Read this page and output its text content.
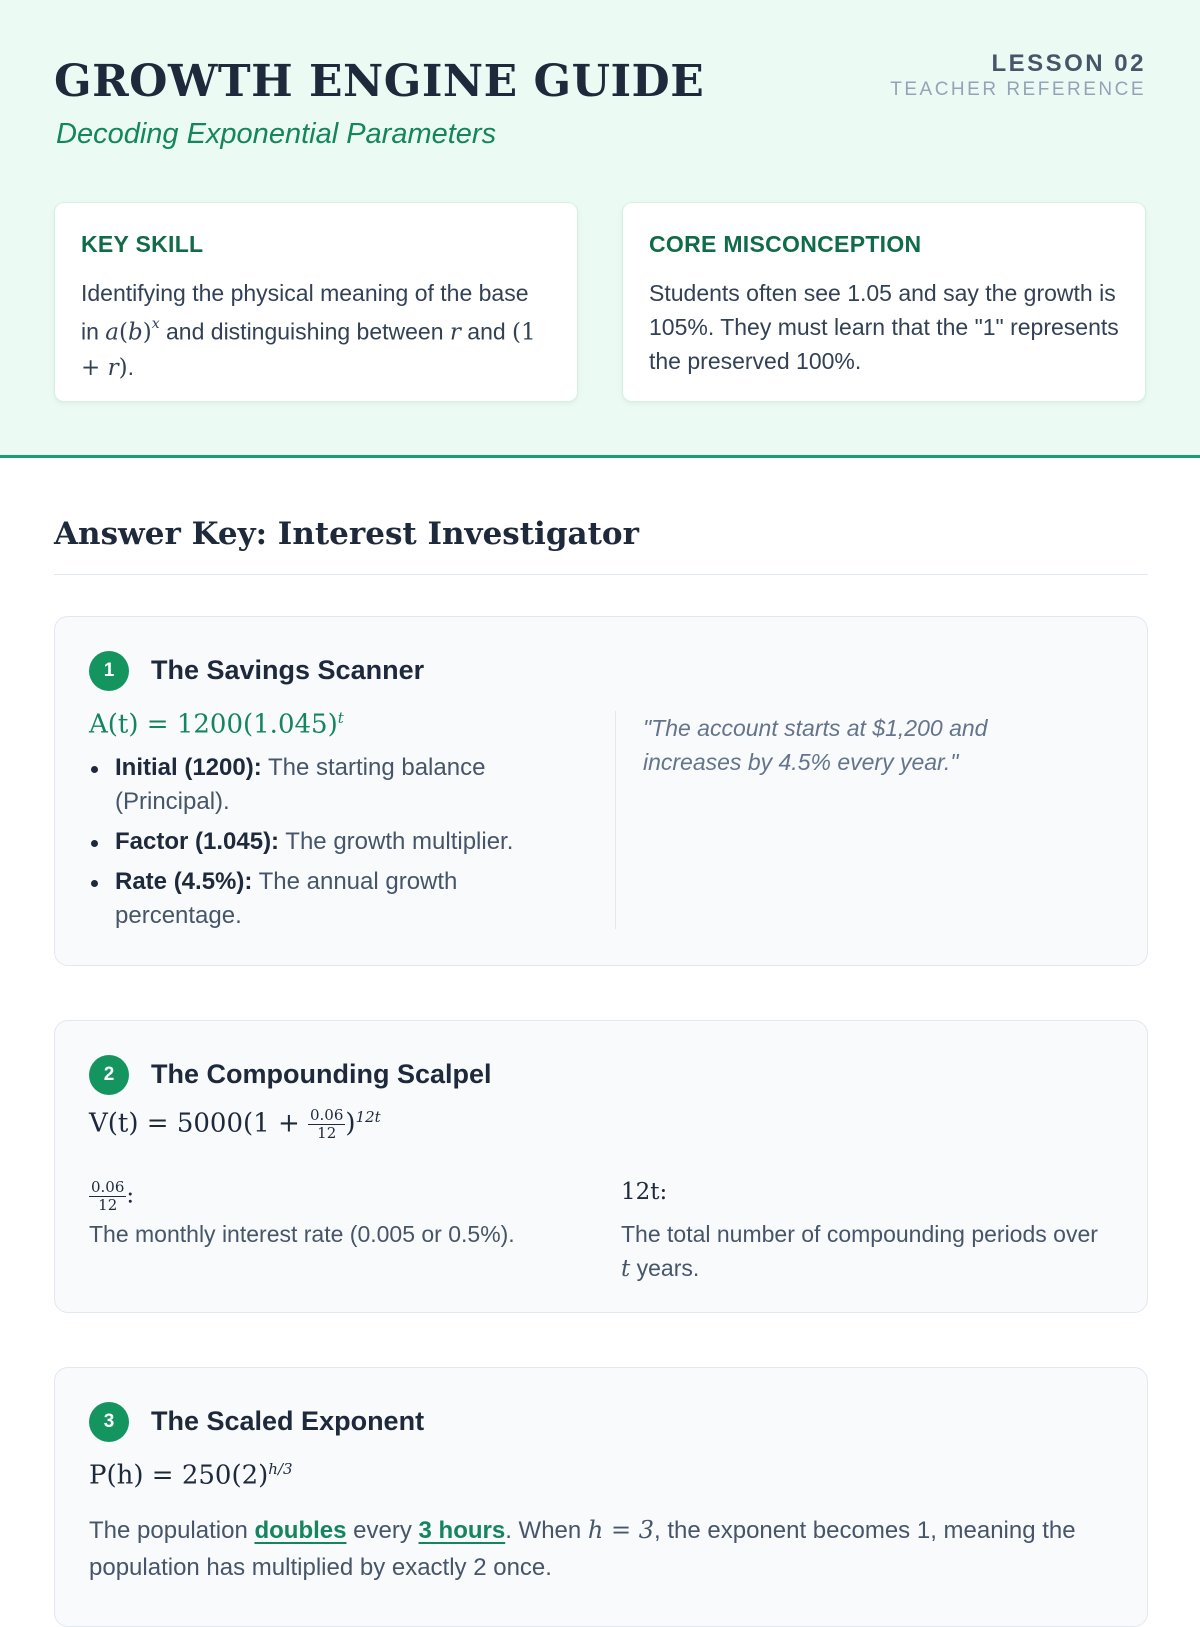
GROWTH ENGINE GUIDE
Decoding Exponential Parameters
LESSON 02
TEACHER REFERENCE
KEY SKILL
Identifying the physical meaning of the base in $a(b)^x$ and distinguishing between r and (1 + r).
CORE MISCONCEPTION
Students often see 1.05 and say the growth is 105%. They must learn that the "1" represents the preserved 100%.
Answer Key: Interest Investigator
1	The Savings Scanner
$A(t) = 1200(1.045)^t$
Initial (1200): The starting balance (Principal).
Factor (1.045): The growth multiplier.
Rate (4.5%): The annual growth percentage.
"The account starts at $1,200 and increases by 4.5% every year."
2	The Compounding Scalpel
$V(t) = 5000(1 + \frac{0.06}{12} )^{12t}$
$\frac{0.06}{12}$ :
The monthly interest rate (0.005 or 0.5%).
12t:
The total number of compounding periods over t years.
3	The Scaled Exponent
$P(h) = 250(2)^{h/3}$
The population doubles every 3 hours. When h = 3, the exponent becomes 1, meaning the population has multiplied by exactly 2 once.
